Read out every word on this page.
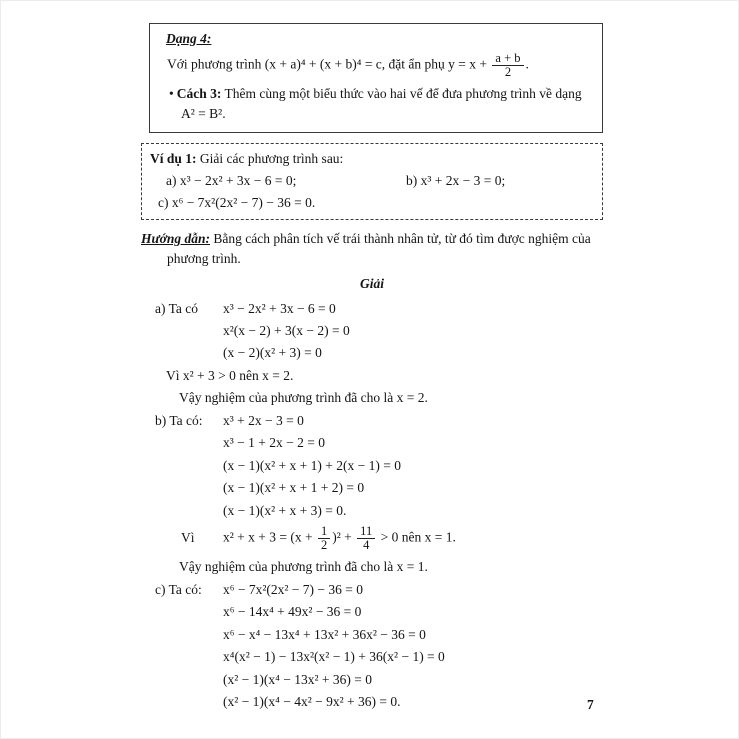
Dạng 4:

Với phương trình (x + a)⁴ + (x + b)⁴ = c, đặt ẩn phụ $y = x + \frac{a + b}{2}$ .

• Cách 3: Thêm cùng một biểu thức vào hai vế để đưa phương trình về dạng A² = B².

Ví dụ 1: Giải các phương trình sau:

a) x³ − 2x² + 3x − 6 = 0;	b) x³ + 2x − 3 = 0;

c) x⁶ − 7x²(2x² − 7) − 36 = 0.

Hướng dẫn: Bằng cách phân tích vế trái thành nhân tử, từ đó tìm được nghiệm của phương trình.

Giải

a) Ta có x³ − 2x² + 3x − 6 = 0

x²(x − 2) + 3(x − 2) = 0

(x − 2)(x² + 3) = 0

Vì x² + 3 > 0 nên x = 2.

Vậy nghiệm của phương trình đã cho là x = 2.

b) Ta có: x³ + 2x − 3 = 0

x³ − 1 + 2x − 2 = 0

(x − 1)(x² + x + 1) + 2(x − 1) = 0

(x − 1)(x² + x + 1 + 2) = 0

(x − 1)(x² + x + 3) = 0.

Vì $x^2 + x + 3 = (x + \frac{1}{2} )^2 + \frac{11}{4} > 0$ nên x = 1.

Vậy nghiệm của phương trình đã cho là x = 1.

c) Ta có: x⁶ − 7x²(2x² − 7) − 36 = 0

x⁶ − 14x⁴ + 49x² − 36 = 0

x⁶ − x⁴ − 13x⁴ + 13x² + 36x² − 36 = 0

x⁴(x² − 1) − 13x²(x² − 1) + 36(x² − 1) = 0

(x² − 1)(x⁴ − 13x² + 36) = 0

(x² − 1)(x⁴ − 4x² − 9x² + 36) = 0.	7
